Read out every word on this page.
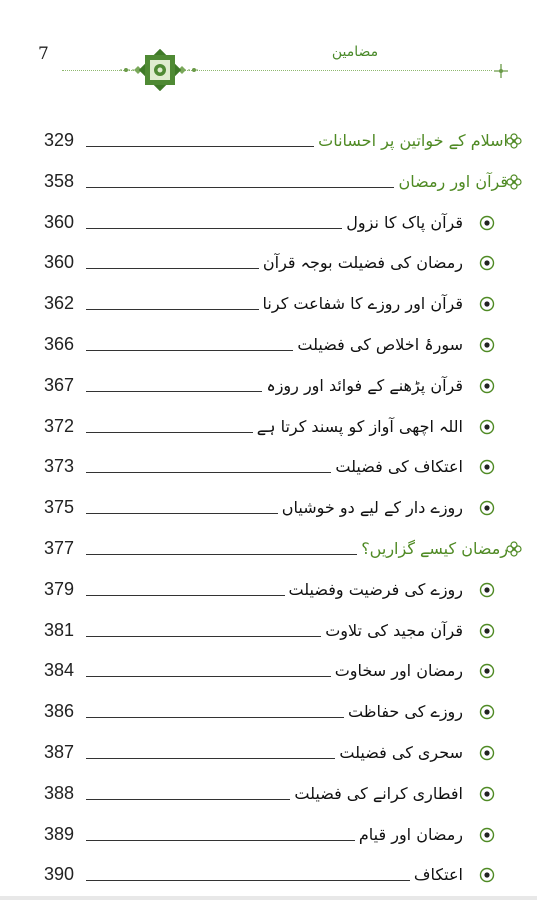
7	مضامین
329	اسلام کے خواتین پر احسانات
358	قرآن اور رمضان
360	قرآن پاک کا نزول
360	رمضان کی فضیلت بوجہ قرآن
362	قرآن اور روزے کا شفاعت کرنا
366	سورۂ اخلاص کی فضیلت
367	قرآن پڑھنے کے فوائد اور روزہ
372	اللہ اچھی آواز کو پسند کرتا ہے
373	اعتکاف کی فضیلت
375	روزے دار کے لیے دو خوشیاں
377	رمضان کیسے گزاریں؟
379	روزے کی فرضیت وفضیلت
381	قرآن مجید کی تلاوت
384	رمضان اور سخاوت
386	روزے کی حفاظت
387	سحری کی فضیلت
388	افطاری کرانے کی فضیلت
389	رمضان اور قیام
390	اعتکاف
